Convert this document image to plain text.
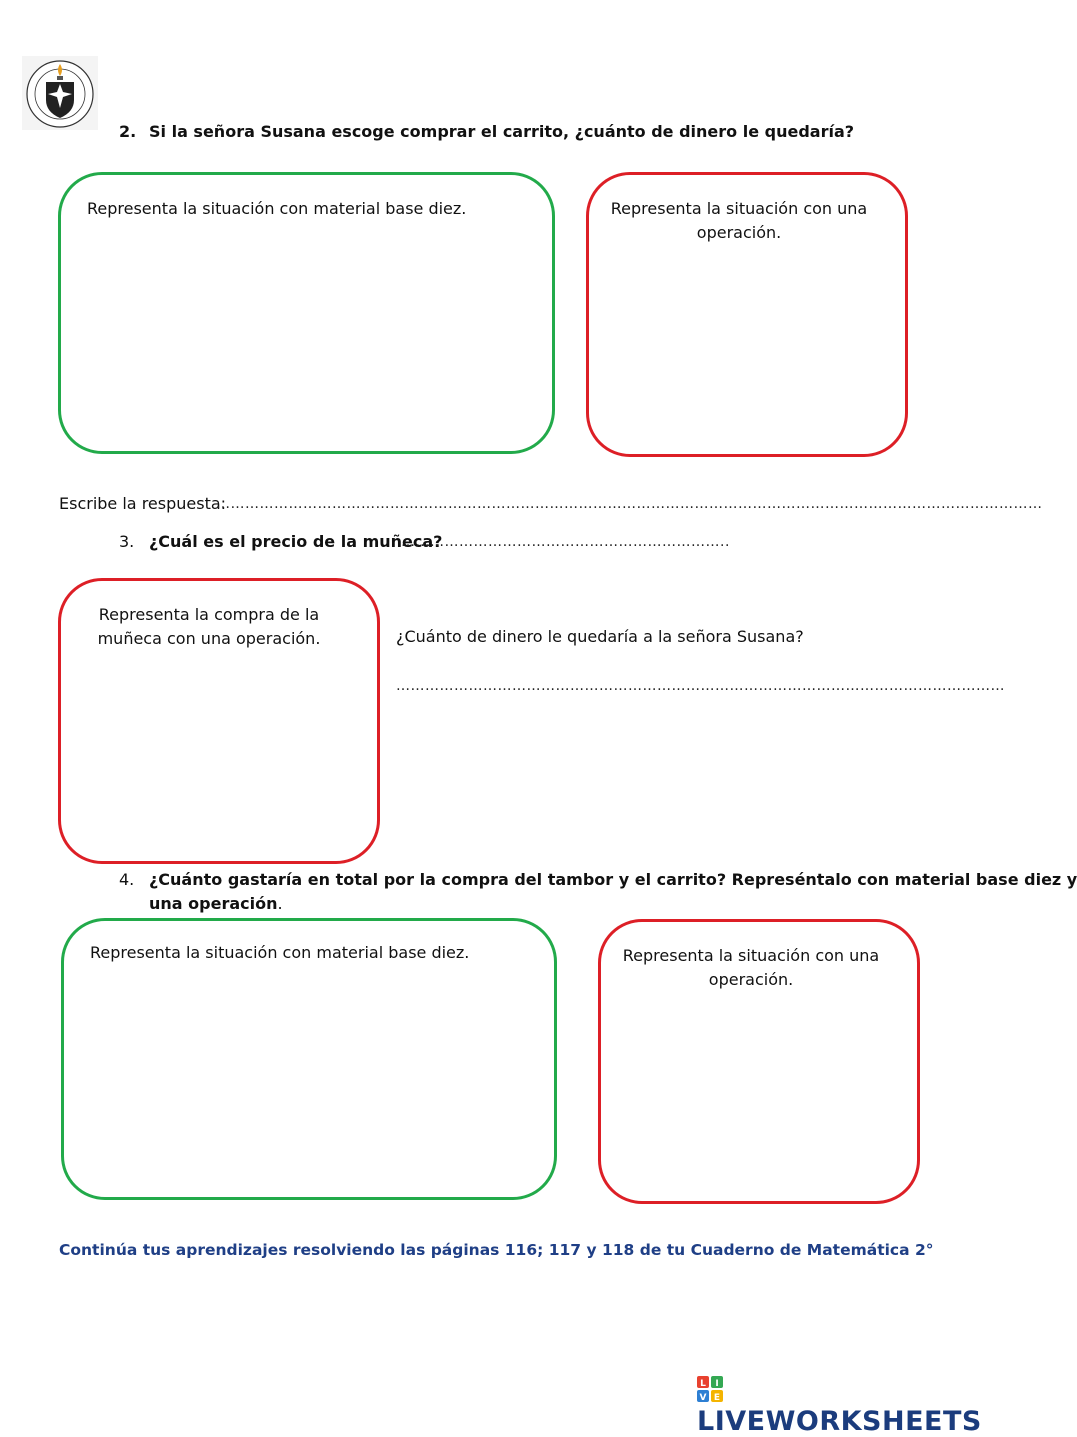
2. Si la señora Susana escoge comprar el carrito, ¿cuánto de dinero le quedaría?
Representa la situación con material base diez.	Representa la situación con una operación.
Escribe la respuesta:
………………………………………………………………………………………………………………………………………………………
3. ¿Cuál es el precio de la muñeca?
…………………………………………………………..
Representa la compra de la muñeca con una operación.	¿Cuánto de dinero le quedaría a la señora Susana?
………………………………………………………………………………………………………………
4. ¿Cuánto gastaría en total por la compra del tambor y el carrito? Represéntalo con material base diez y
una operación.
Representa la situación con material base diez.	Representa la situación con una operación.
Continúa tus aprendizajes resolviendo las páginas 116; 117 y 118 de tu Cuaderno de Matemática 2°
L I
V E
LIVEWORKSHEETS
